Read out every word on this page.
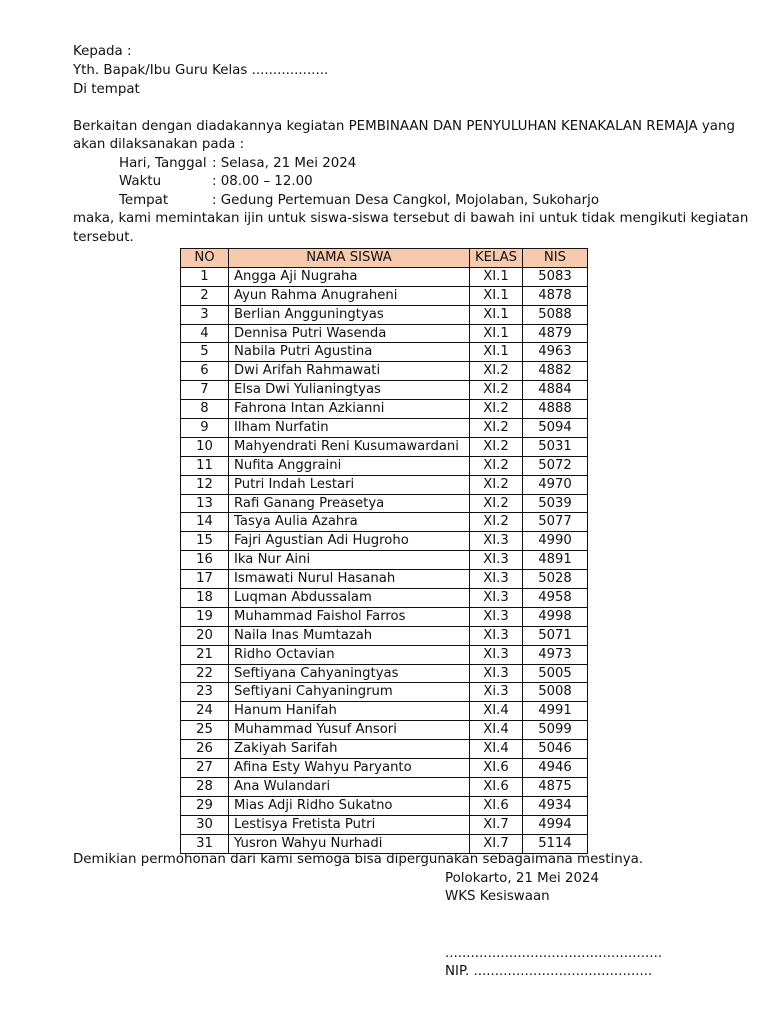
Kepada :
Yth. Bapak/Ibu Guru Kelas ..................
Di tempat
Berkaitan dengan diadakannya kegiatan PEMBINAAN DAN PENYULUHAN KENAKALAN REMAJA yang
akan dilaksanakan pada :
Hari, Tanggal : Selasa, 21 Mei 2024
Waktu	: 08.00 – 12.00
Tempat	: Gedung Pertemuan Desa Cangkol, Mojolaban, Sukoharjo
maka, kami memintakan ijin untuk siswa-siswa tersebut di bawah ini untuk tidak mengikuti kegiatan
tersebut.
NO	NAMA SISWA	KELAS	NIS
1	Angga Aji Nugraha	XI.1	5083
2	Ayun Rahma Anugraheni	XI.1	4878
3	Berlian Angguningtyas	XI.1	5088
4	Dennisa Putri Wasenda	XI.1	4879
5	Nabila Putri Agustina	XI.1	4963
6	Dwi Arifah Rahmawati	XI.2	4882
7	Elsa Dwi Yulianingtyas	XI.2	4884
8	Fahrona Intan Azkianni	XI.2	4888
9	Ilham Nurfatin	XI.2	5094
10	Mahyendrati Reni Kusumawardani	XI.2	5031
11	Nufita Anggraini	XI.2	5072
12	Putri Indah Lestari	XI.2	4970
13	Rafi Ganang Preasetya	XI.2	5039
14	Tasya Aulia Azahra	XI.2	5077
15	Fajri Agustian Adi Hugroho	XI.3	4990
16	Ika Nur Aini	XI.3	4891
17	Ismawati Nurul Hasanah	XI.3	5028
18	Luqman Abdussalam	XI.3	4958
19	Muhammad Faishol Farros	XI.3	4998
20	Naila Inas Mumtazah	XI.3	5071
21	Ridho Octavian	XI.3	4973
22	Seftiyana Cahyaningtyas	XI.3	5005
23	Seftiyani Cahyaningrum	Xi.3	5008
24	Hanum Hanifah	XI.4	4991
25	Muhammad Yusuf Ansori	XI.4	5099
26	Zakiyah Sarifah	XI.4	5046
27	Afina Esty Wahyu Paryanto	XI.6	4946
28	Ana Wulandari	XI.6	4875
29	Mias Adji Ridho Sukatno	XI.6	4934
30	Lestisya Fretista Putri	XI.7	4994
31	Yusron Wahyu Nurhadi	XI.7	5114
Demikian permohonan dari kami semoga bisa dipergunakan sebagaimana mestinya.
Polokarto, 21 Mei 2024
WKS Kesiswaan
...................................................
NIP. ..........................................
